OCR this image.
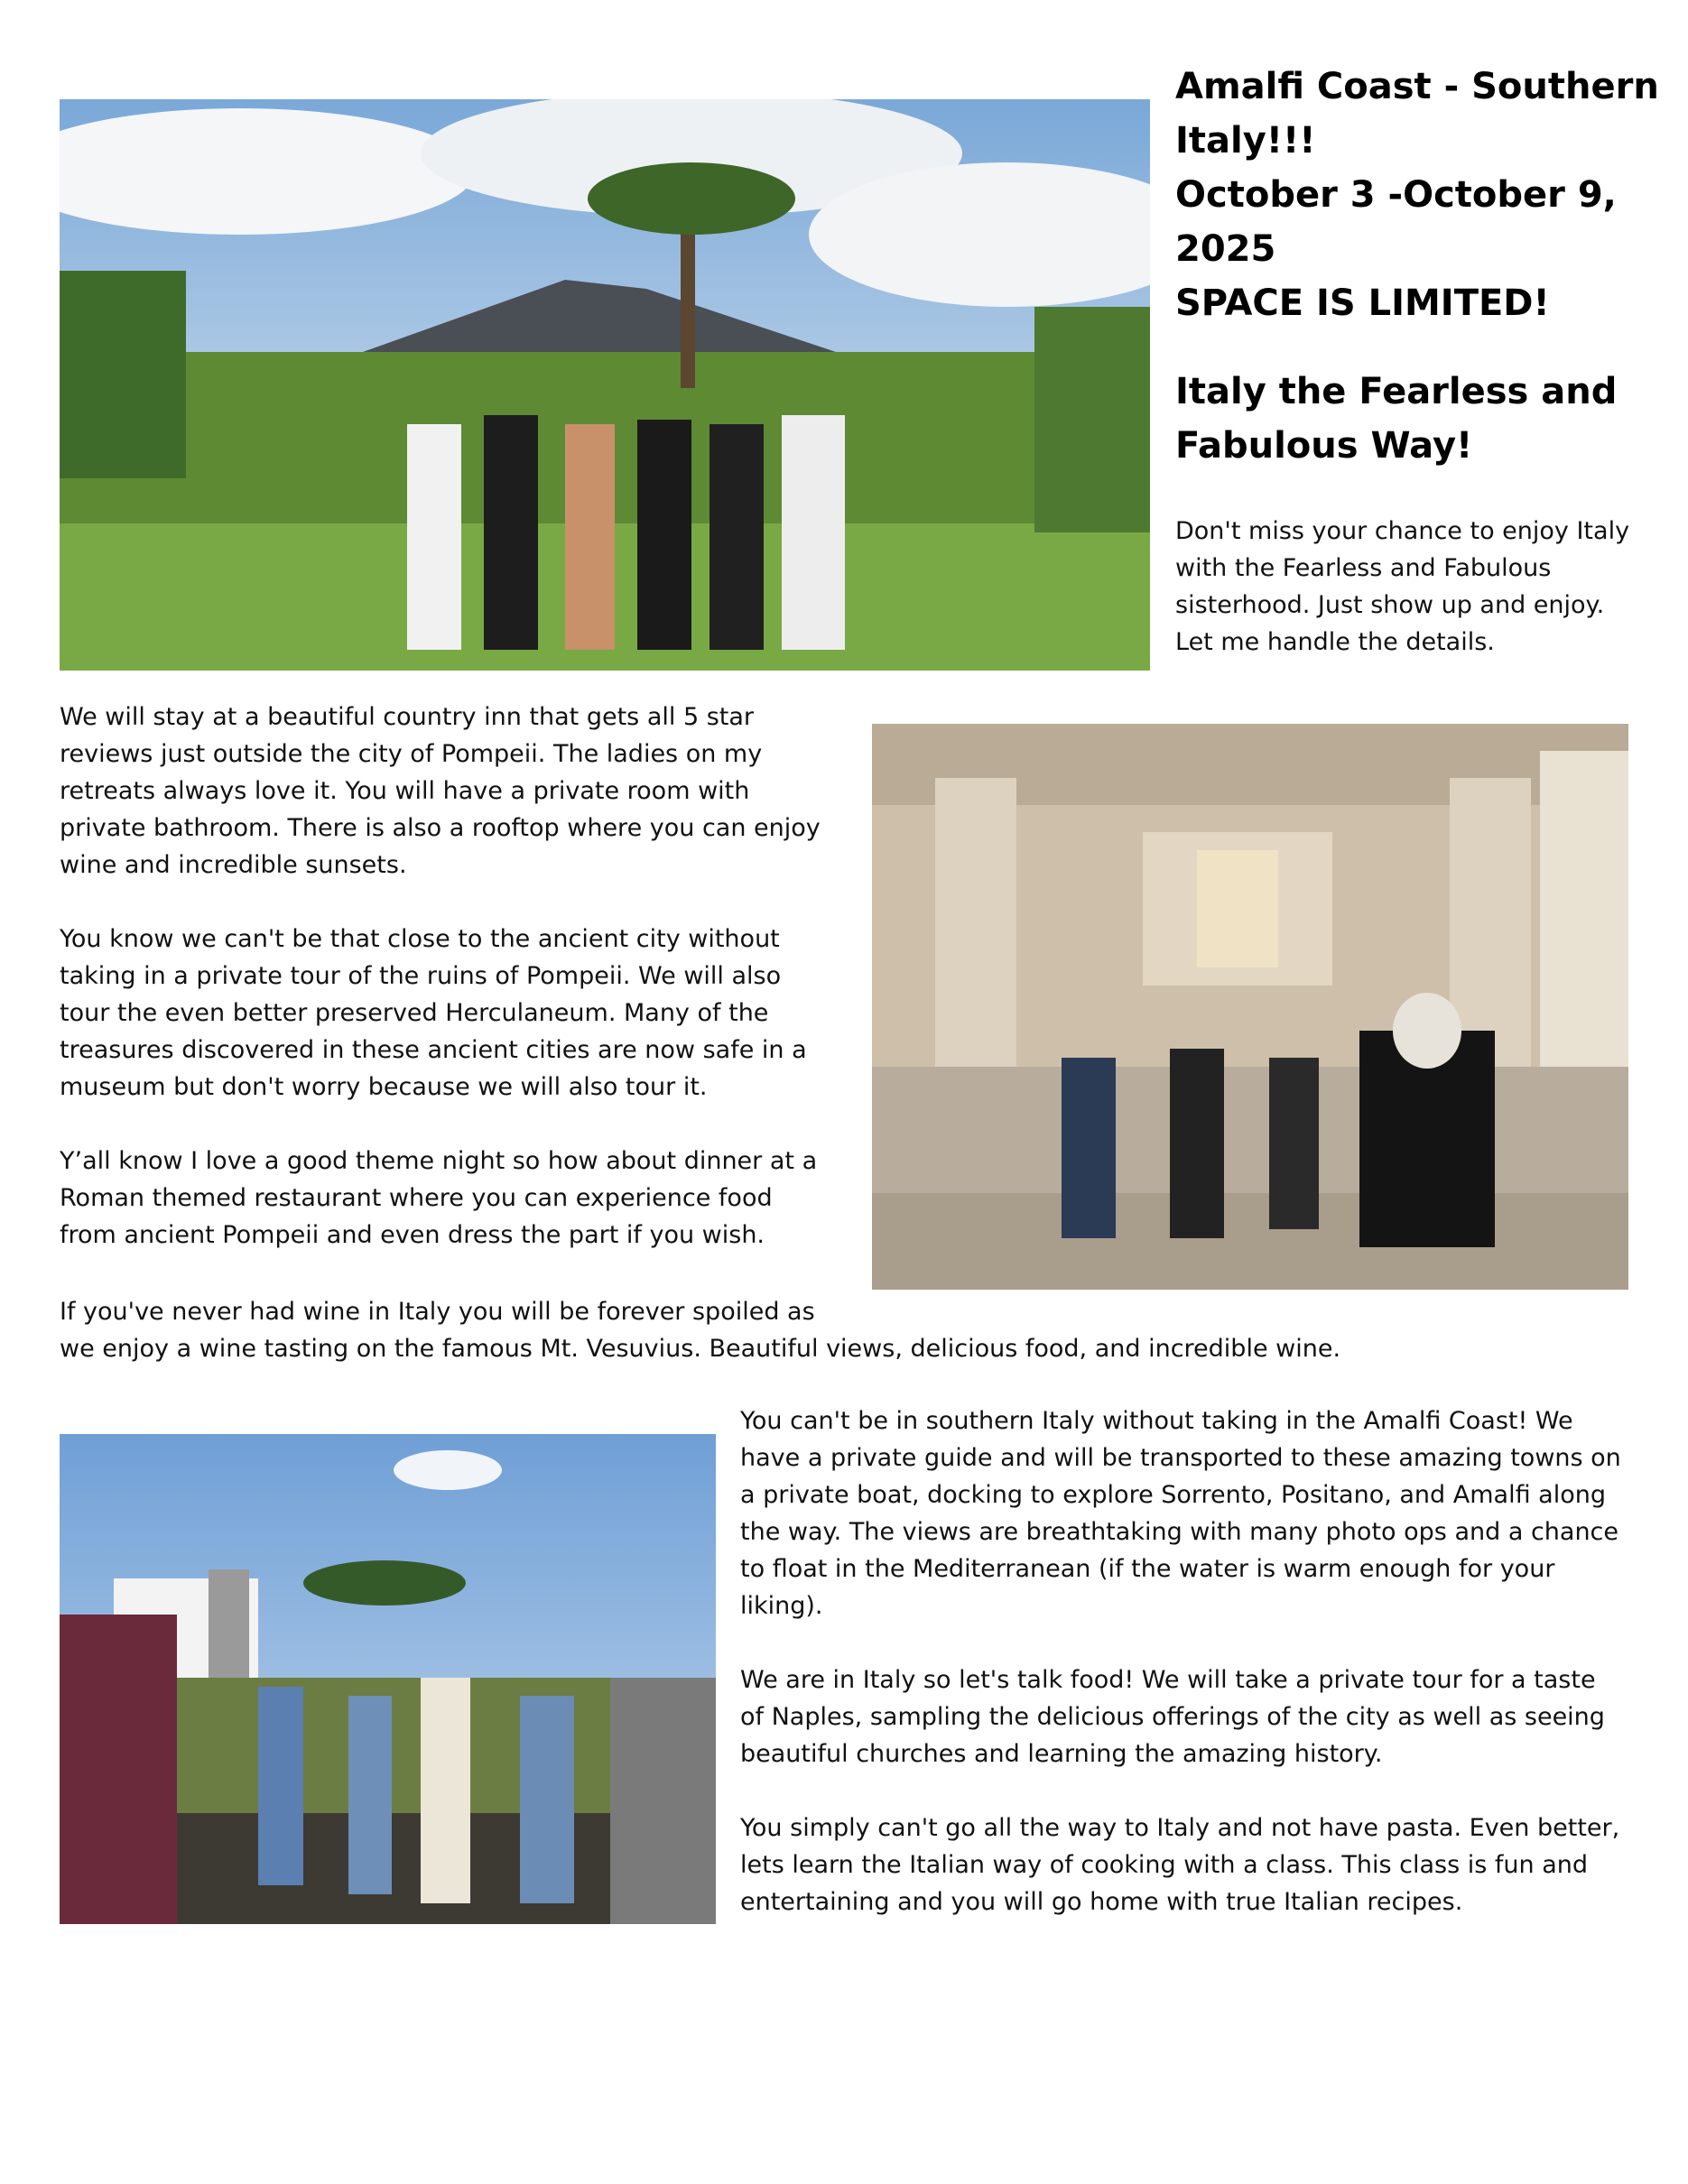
Amalfi Coast - Southern
Italy!!!
October 3 -October 9,
2025
SPACE IS LIMITED!
Italy the Fearless and
Fabulous Way!
Don't miss your chance to enjoy Italy
with the Fearless and Fabulous
sisterhood. Just show up and enjoy.
Let me handle the details.

We will stay at a beautiful country inn that gets all 5 star
reviews just outside the city of Pompeii. The ladies on my
retreats always love it. You will have a private room with
private bathroom. There is also a rooftop where you can enjoy
wine and incredible sunsets.

You know we can't be that close to the ancient city without
taking in a private tour of the ruins of Pompeii. We will also
tour the even better preserved Herculaneum. Many of the
treasures discovered in these ancient cities are now safe in a
museum but don't worry because we will also tour it.

Y’all know I love a good theme night so how about dinner at a
Roman themed restaurant where you can experience food
from ancient Pompeii and even dress the part if you wish.

If you've never had wine in Italy you will be forever spoiled as
we enjoy a wine tasting on the famous Mt. Vesuvius. Beautiful views, delicious food, and incredible wine.

You can't be in southern Italy without taking in the Amalfi Coast! We
have a private guide and will be transported to these amazing towns on
a private boat, docking to explore Sorrento, Positano, and Amalfi along
the way. The views are breathtaking with many photo ops and a chance
to float in the Mediterranean (if the water is warm enough for your
liking).

We are in Italy so let's talk food! We will take a private tour for a taste
of Naples, sampling the delicious offerings of the city as well as seeing
beautiful churches and learning the amazing history.

You simply can't go all the way to Italy and not have pasta. Even better,
lets learn the Italian way of cooking with a class. This class is fun and
entertaining and you will go home with true Italian recipes.
